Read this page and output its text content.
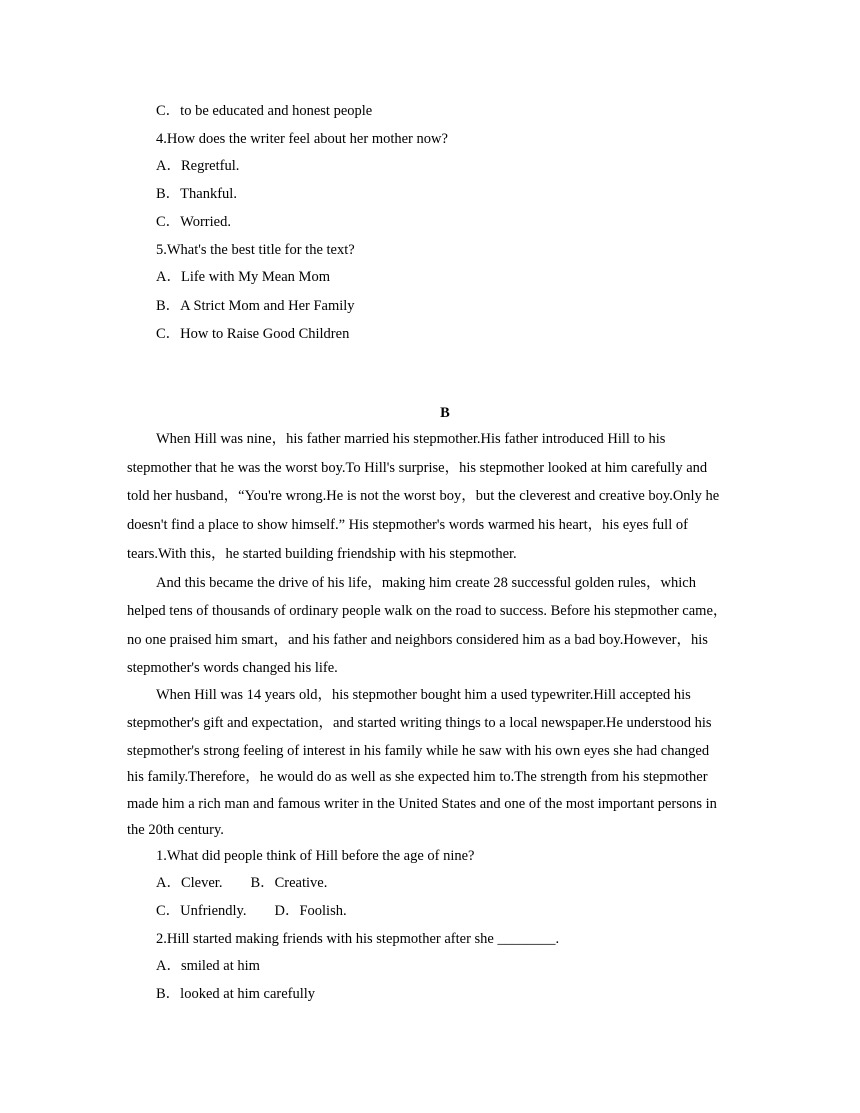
C．to be educated and honest people
4.How does the writer feel about her mother now?
A．Regretful.
B．Thankful.
C．Worried.
5.What's the best title for the text?
A．Life with My Mean Mom
B．A Strict Mom and Her Family
C．How to Raise Good Children
B
When Hill was nine，his father married his stepmother.His father introduced Hill to his
stepmother that he was the worst boy.To Hill's surprise，his stepmother looked at him carefully and
told her husband，“You're wrong.He is not the worst boy，but the cleverest and creative boy.Only he
doesn't find a place to show himself.” His stepmother's words warmed his heart，his eyes full of
tears.With this，he started building friendship with his stepmother.
And this became the drive of his life，making him create 28 successful golden rules，which
helped tens of thousands of ordinary people walk on the road to success. Before his stepmother came，
no one praised him smart，and his father and neighbors considered him as a bad boy.However，his
stepmother's words changed his life.
When Hill was 14 years old，his stepmother bought him a used typewriter.Hill accepted his
stepmother's gift and expectation，and started writing things to a local newspaper.He understood his
stepmother's strong feeling of interest in his family while he saw with his own eyes she had changed
his family.Therefore，he would do as well as she expected him to.The strength from his stepmother
made him a rich man and famous writer in the United States and one of the most important persons in
the 20th century.
1.What did people think of Hill before the age of nine?
A．Clever. B．Creative.
C．Unfriendly. D．Foolish.
2.Hill started making friends with his stepmother after she ________.
A．smiled at him
B．looked at him carefully
